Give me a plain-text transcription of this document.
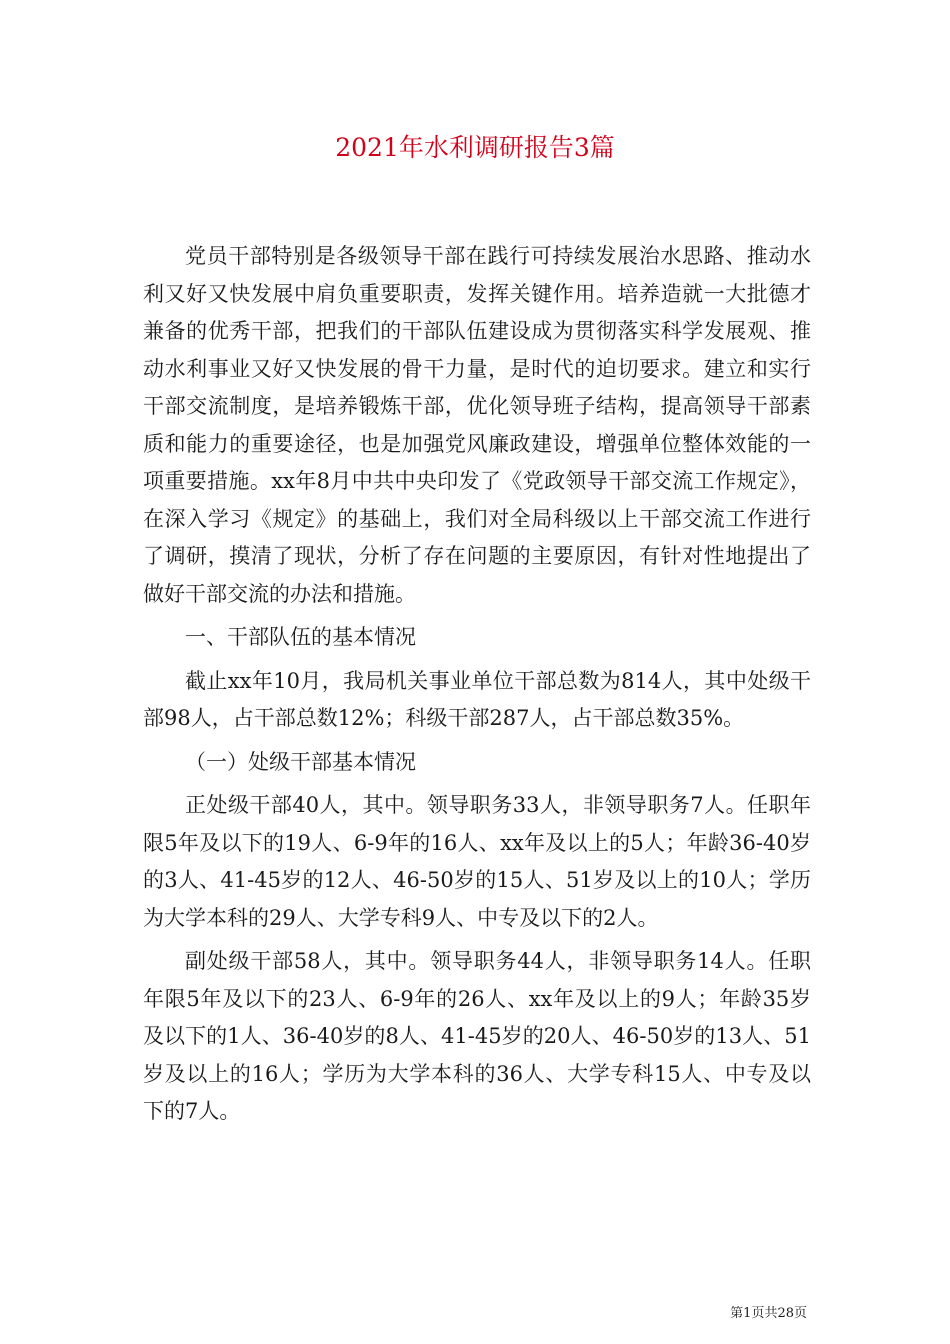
2021年水利调研报告3篇

党员干部特别是各级领导干部在践行可持续发展治水思路、推动水利又好又快发展中肩负重要职责，发挥关键作用。培养造就一大批德才兼备的优秀干部，把我们的干部队伍建设成为贯彻落实科学发展观、推动水利事业又好又快发展的骨干力量，是时代的迫切要求。建立和实行干部交流制度，是培养锻炼干部，优化领导班子结构，提高领导干部素质和能力的重要途径，也是加强党风廉政建设，增强单位整体效能的一项重要措施。xx年8月中共中央印发了《党政领导干部交流工作规定》，在深入学习《规定》的基础上，我们对全局科级以上干部交流工作进行了调研，摸清了现状，分析了存在问题的主要原因，有针对性地提出了做好干部交流的办法和措施。

一、干部队伍的基本情况

截止xx年10月，我局机关事业单位干部总数为814人，其中处级干部98人，占干部总数12%；科级干部287人，占干部总数35%。

（一）处级干部基本情况

正处级干部40人，其中。领导职务33人，非领导职务7人。任职年限5年及以下的19人、6-9年的16人、xx年及以上的5人；年龄36-40岁的3人、41-45岁的12人、46-50岁的15人、51岁及以上的10人；学历为大学本科的29人、大学专科9人、中专及以下的2人。

副处级干部58人，其中。领导职务44人，非领导职务14人。任职年限5年及以下的23人、6-9年的26人、xx年及以上的9人；年龄35岁及以下的1人、36-40岁的8人、41-45岁的20人、46-50岁的13人、51岁及以上的16人；学历为大学本科的36人、大学专科15人、中专及以下的7人。

第1页共28页
